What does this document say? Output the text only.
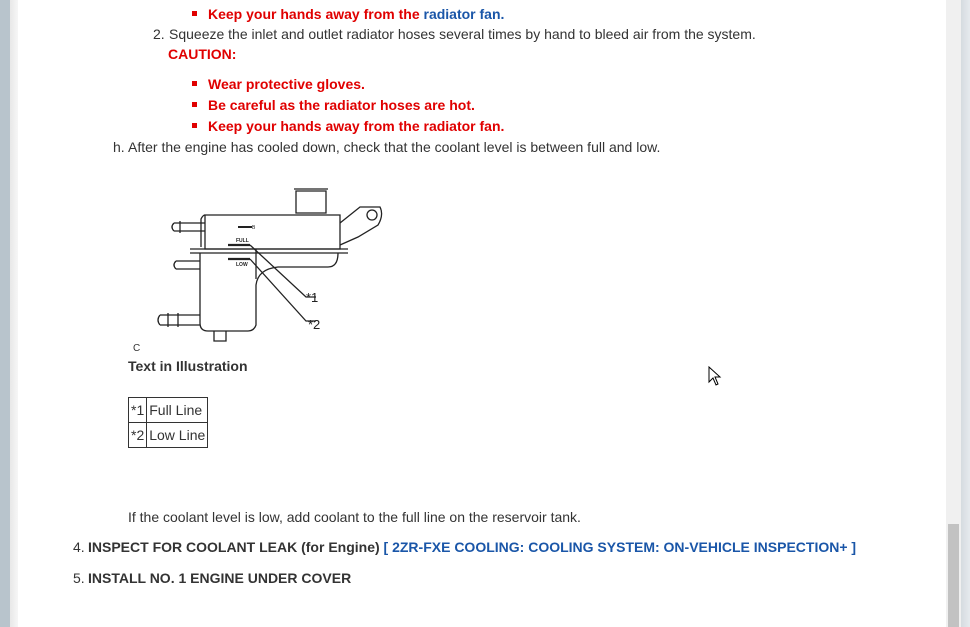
Keep your hands away from the radiator fan.
2. Squeeze the inlet and outlet radiator hoses several times by hand to bleed air from the system.
CAUTION:
Wear protective gloves.
Be careful as the radiator hoses are hot.
Keep your hands away from the radiator fan.
h. After the engine has cooled down, check that the coolant level is between full and low.
FULL
LOW
B
*1
*2
C
Text in Illustration
*1	Full Line
*2	Low Line
If the coolant level is low, add coolant to the full line on the reservoir tank.
4. INSPECT FOR COOLANT LEAK (for Engine) [ 2ZR-FXE COOLING: COOLING SYSTEM: ON-VEHICLE INSPECTION+ ]
5. INSTALL NO. 1 ENGINE UNDER COVER
